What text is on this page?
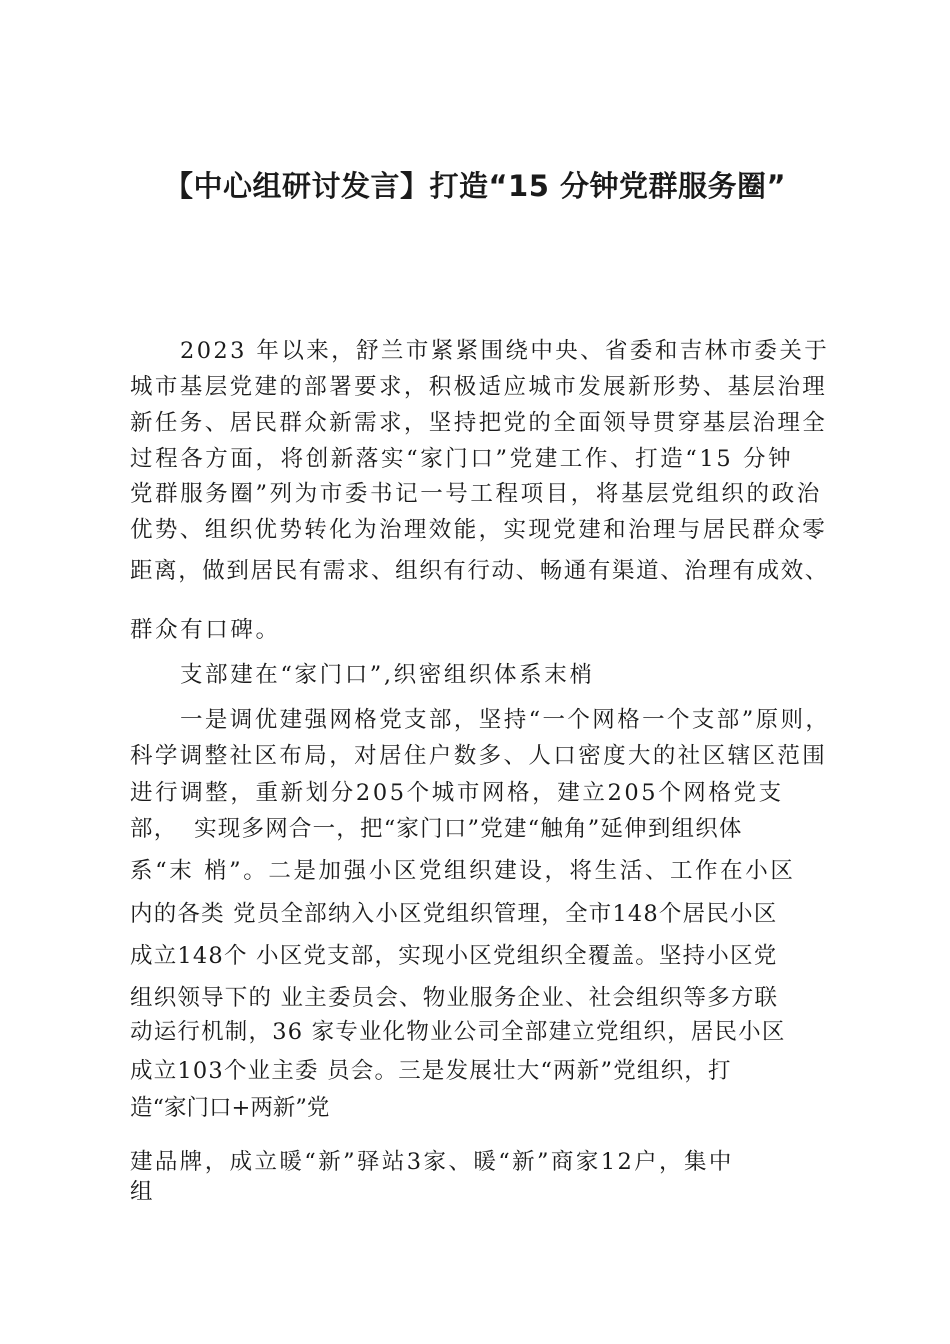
【中心组研讨发言】打造“15 分钟党群服务圈”

2023 年以来，舒兰市紧紧围绕中央、省委和吉林市委关于

城市基层党建的部署要求，积极适应城市发展新形势、基层治理

新任务、居民群众新需求，坚持把党的全面领导贯穿基层治理全

过程各方面，将创新落实“家门口”党建工作、打造“15 分钟

党群服务圈”列为市委书记一号工程项目，将基层党组织的政治

优势、组织优势转化为治理效能，实现党建和治理与居民群众零

距离，做到居民有需求、组织有行动、畅通有渠道、治理有成效、

群众有口碑。

支部建在“家门口”,织密组织体系末梢

一是调优建强网格党支部，坚持“一个网格一个支部”原则，

科学调整社区布局，对居住户数多、人口密度大的社区辖区范围

进行调整，重新划分205个城市网格，建立205个网格党支

部，  实现多网合一，把“家门口”党建“触角”延伸到组织体

系“末 梢”。二是加强小区党组织建设，将生活、工作在小区

内的各类 党员全部纳入小区党组织管理，全市148个居民小区

成立148个 小区党支部，实现小区党组织全覆盖。坚持小区党

组织领导下的 业主委员会、物业服务企业、社会组织等多方联

动运行机制，36 家专业化物业公司全部建立党组织，居民小区

成立103个业主委 员会。三是发展壮大“两新”党组织，打

造“家门口+两新”党

建品牌，成立暖“新”驿站3家、暖“新”商家12户，集中

组
